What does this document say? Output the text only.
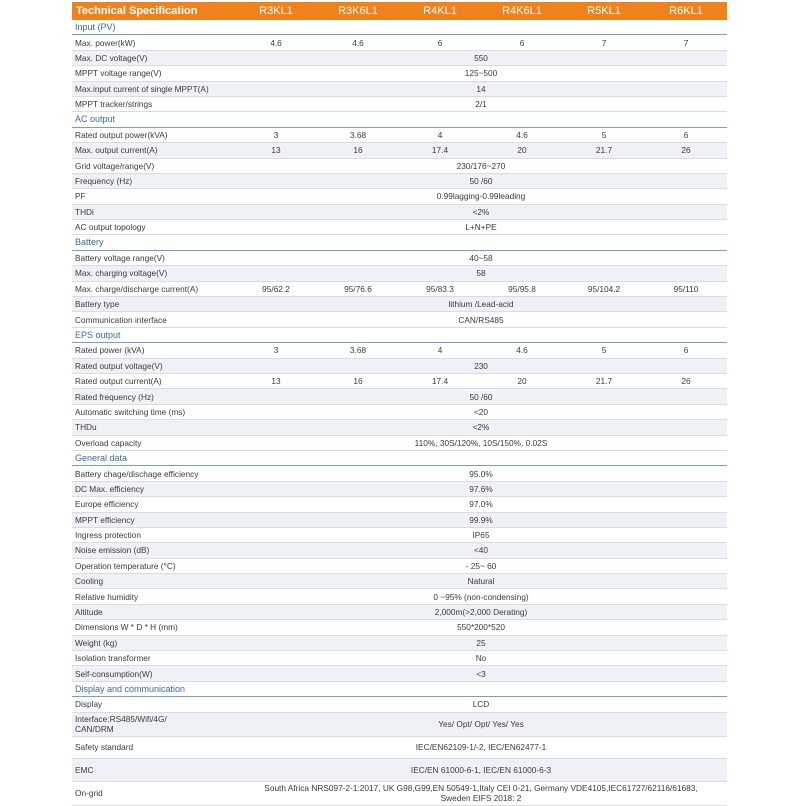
Technical Specification	R3KL1	R3K6L1	R4KL1	R4K6L1	R5KL1	R6KL1
Input (PV)
Max. power(kW)	4.6	4.6	6	6	7	7
Max. DC voltage(V)	550
MPPT voltage range(V)	125~500
Max.input current of single MPPT(A)	14
MPPT tracker/strings	2/1
AC output
Rated output power(kVA)	3	3.68	4	4.6	5	6
Max. output current(A)	13	16	17.4	20	21.7	26
Grid voltage/range(V)	230/176~270
Frequency (Hz)	50 /60
PF	0.99lagging-0.99leading
THDi	<2%
AC output topology	L+N+PE
Battery
Battery voltage range(V)	40~58
Max. charging voltage(V)	58
Max. charge/discharge current(A)	95/62.2	95/76.6	95/83.3	95/95.8	95/104.2	95/110
Battery type	lithium /Lead-acid
Communication interface	CAN/RS485
EPS output
Rated power (kVA)	3	3.68	4	4.6	5	6
Rated output voltage(V)	230
Rated output current(A)	13	16	17.4	20	21.7	26
Rated frequency (Hz)	50 /60
Automatic switching time (ms)	<20
THDu	<2%
Overload capacity	110%, 30S/120%, 10S/150%, 0.02S
General data
Battery chage/dischage efficiency	95.0%
DC Max. efficiency	97.6%
Europe efficiency	97.0%
MPPT efficiency	99.9%
Ingress protection	IP65
Noise emission (dB)	<40
Operation temperature (°C)	- 25~ 60
Cooling	Natural
Relative humidity	0 ~95% (non-condensing)
Altitude	2,000m(>2,000 Derating)
Dimensions W * D * H (mm)	550*200*520
Weight (kg)	25
Isolation transformer	No
Self-consumption(W)	<3
Display and communication
Display	LCD
Interface:RS485/Wifi/4G/
CAN/DRM	Yes/ Opt/ Opt/ Yes/ Yes
Safety standard	IEC/EN62109-1/-2, IEC/EN62477-1
EMC	IEC/EN 61000-6-1, IEC/EN 61000-6-3
On-grid	South Africa NRS097-2-1:2017, UK G98,G99,EN 50549-1,Italy CEI 0-21, Germany VDE4105,IEC61727/62116/61683,
Sweden EIFS 2018: 2
